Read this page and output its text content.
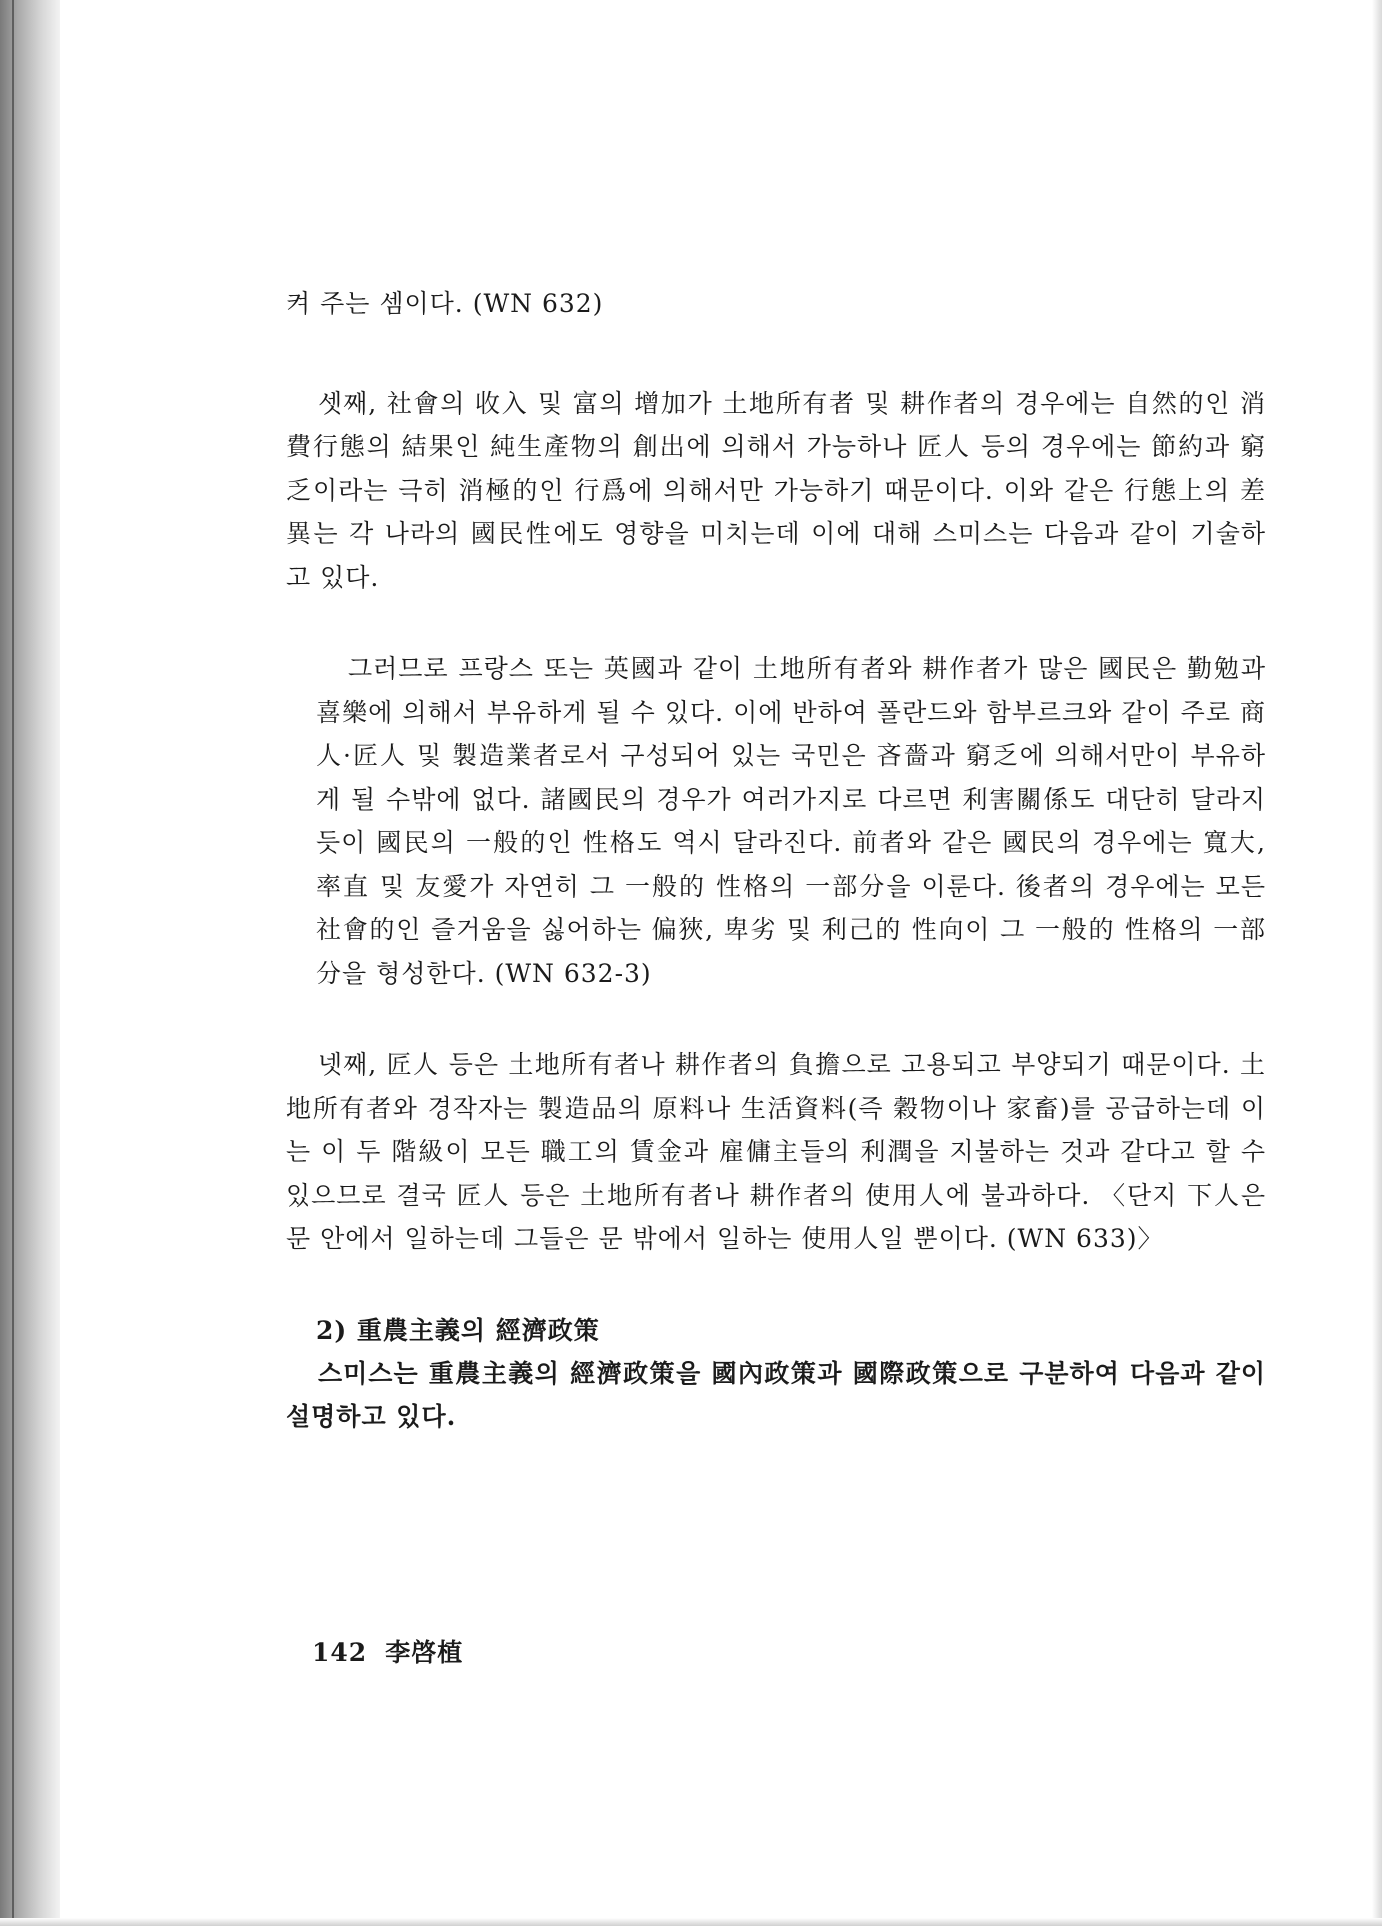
켜 주는 셈이다. (WN 632)

셋째, 社會의 收入 및 富의 增加가 土地所有者 및 耕作者의 경우에는 自然的인 消費行態의 結果인 純生產物의 創出에 의해서 가능하나 匠人 등의 경우에는 節約과 窮乏이라는 극히 消極的인 行爲에 의해서만 가능하기 때문이다. 이와 같은 行態上의 差異는 각 나라의 國民性에도 영향을 미치는데 이에 대해 스미스는 다음과 같이 기술하고 있다.

그러므로 프랑스 또는 英國과 같이 土地所有者와 耕作者가 많은 國民은 勤勉과 喜樂에 의해서 부유하게 될 수 있다. 이에 반하여 폴란드와 함부르크와 같이 주로 商人·匠人 및 製造業者로서 구성되어 있는 국민은 吝嗇과 窮乏에 의해서만이 부유하게 될 수밖에 없다. 諸國民의 경우가 여러가지로 다르면 利害關係도 대단히 달라지듯이 國民의 一般的인 性格도 역시 달라진다. 前者와 같은 國民의 경우에는 寬大, 率直 및 友愛가 자연히 그 一般的 性格의 一部分을 이룬다. 後者의 경우에는 모든 社會的인 즐거움을 싫어하는 偏狹, 卑劣 및 利己的 性向이 그 一般的 性格의 一部分을 형성한다. (WN 632-3)

넷째, 匠人 등은 土地所有者나 耕作者의 負擔으로 고용되고 부양되기 때문이다. 土地所有者와 경작자는 製造品의 原料나 生活資料(즉 穀物이나 家畜)를 공급하는데 이는 이 두 階級이 모든 職工의 賃金과 雇傭主들의 利潤을 지불하는 것과 같다고 할 수 있으므로 결국 匠人 등은 土地所有者나 耕作者의 使用人에 불과하다. 〈단지 下人은 문 안에서 일하는데 그들은 문 밖에서 일하는 使用人일 뿐이다. (WN 633)〉

2) 重農主義의 經濟政策

스미스는 重農主義의 經濟政策을 國內政策과 國際政策으로 구분하여 다음과 같이 설명하고 있다.

142 李啓植
